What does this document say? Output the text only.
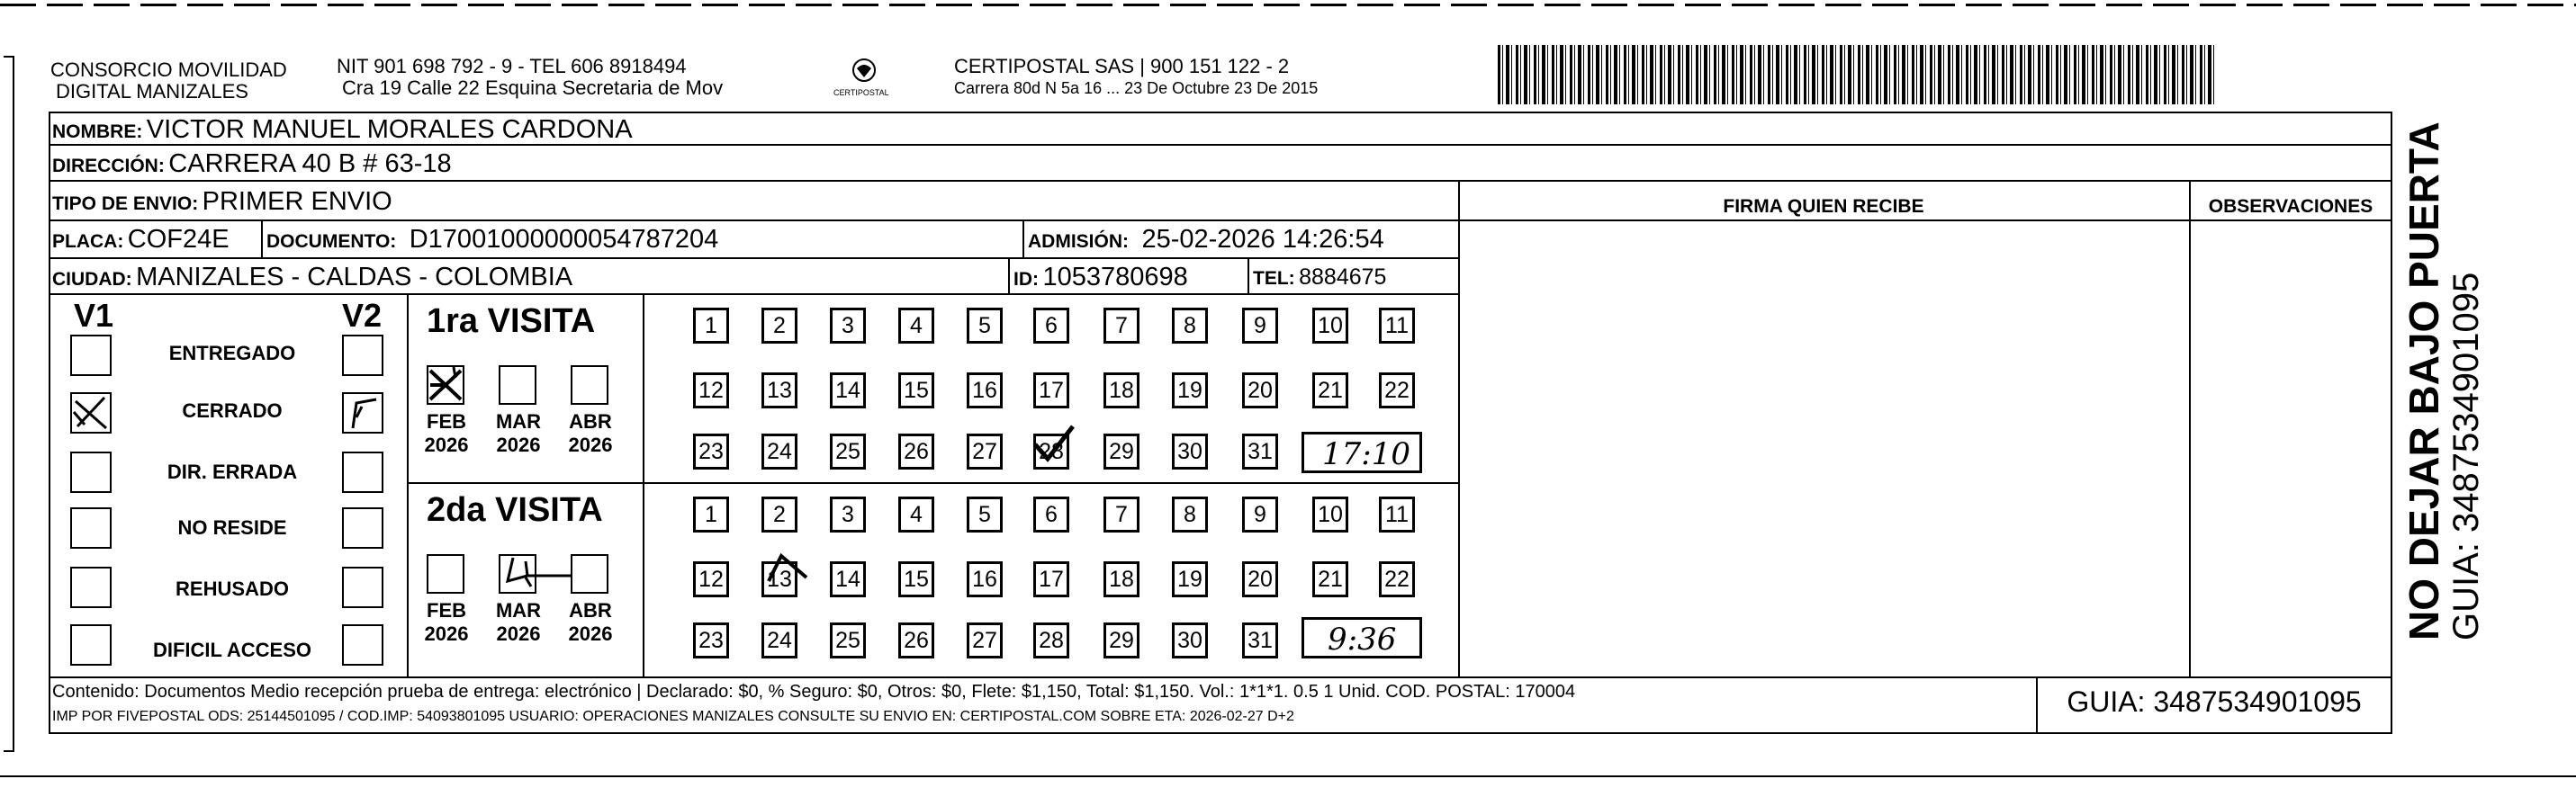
CONSORCIO MOVILIDAD
DIGITAL MANIZALES
NIT 901 698 792 - 9 - TEL 606 8918494
Cra 19 Calle 22 Esquina Secretaria de Mov	CERTIPOSTAL
CERTIPOSTAL SAS | 900 151 122 - 2
Carrera 80d N 5a 16 ... 23 De Octubre 23 De 2015
NOMBRE: VICTOR MANUEL MORALES CARDONA
DIRECCIÓN: CARRERA 40 B # 63-18
TIPO DE ENVIO: PRIMER ENVIO	FIRMA QUIEN RECIBE	OBSERVACIONES
PLACA: COF24E DOCUMENTO: D17001000000054787204	ADMISIÓN: 25-02-2026 14:26:54
CIUDAD: MANIZALES - CALDAS - COLOMBIA	ID: 1053780698	TEL: 8884675
V1	V2
ENTREGADO
CERRADO
DIR. ERRADA
NO RESIDE
REHUSADO
DIFICIL ACCESO
1ra VISITA
FEB
2026
MAR
2026
ABR
2026
2da VISITA
FEB
2026
MAR
2026
ABR
2026
1	2	3	4	5	6	7	8	9	10 11
12 13 14 15 16 17 18 19 20 21 22
23 24 25 26 27 28 29 30 31
1	2	3	4	5	6	7	8	9	10 11
12 13 14 15 16 17 18 19 20 21 22
23 24 25 26 27 28 29 30 31
17:10
9:36
Contenido: Documentos Medio recepción prueba de entrega: electrónico | Declarado: $0, % Seguro: $0, Otros: $0, Flete: $1,150, Total: $1,150. Vol.: 1*1*1. 0.5 1 Unid. COD. POSTAL: 170004
IMP POR FIVEPOSTAL ODS: 25144501095 / COD.IMP: 54093801095 USUARIO: OPERACIONES MANIZALES CONSULTE SU ENVIO EN: CERTIPOSTAL.COM SOBRE ETA: 2026-02-27 D+2	GUIA: 3487534901095
NO DEJAR BAJO PUERTA GUIA: 3487534901095
